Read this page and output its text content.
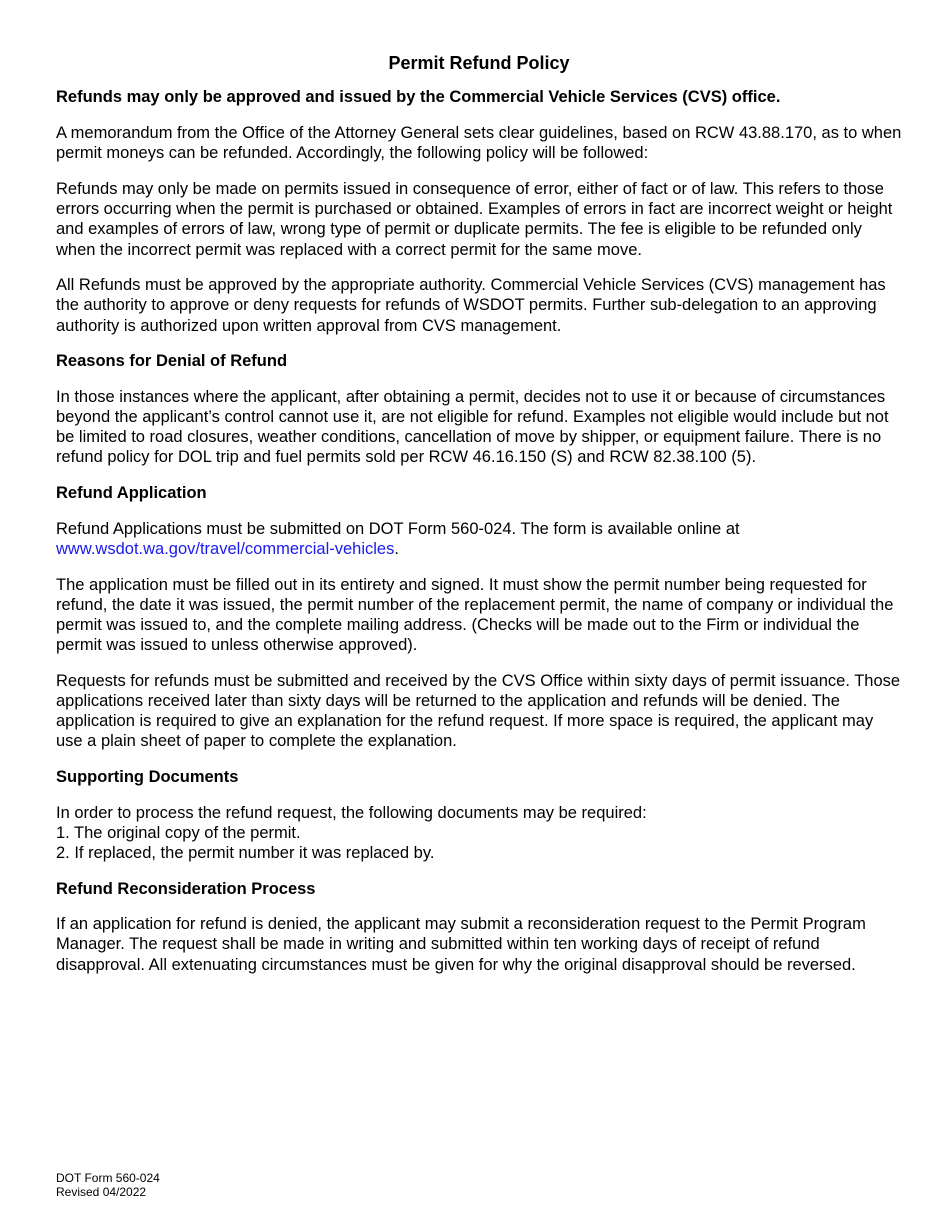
Permit Refund Policy
Refunds may only be approved and issued by the Commercial Vehicle Services (CVS) office.

A memorandum from the Office of the Attorney General sets clear guidelines, based on RCW 43.88.170, as to when permit moneys can be refunded. Accordingly, the following policy will be followed:

Refunds may only be made on permits issued in consequence of error, either of fact or of law. This refers to those errors occurring when the permit is purchased or obtained. Examples of errors in fact are incorrect weight or height and examples of errors of law, wrong type of permit or duplicate permits. The fee is eligible to be refunded only when the incorrect permit was replaced with a correct permit for the same move.

All Refunds must be approved by the appropriate authority. Commercial Vehicle Services (CVS) management has the authority to approve or deny requests for refunds of WSDOT permits. Further sub-delegation to an approving authority is authorized upon written approval from CVS management.

Reasons for Denial of Refund

In those instances where the applicant, after obtaining a permit, decides not to use it or because of circumstances beyond the applicant’s control cannot use it, are not eligible for refund. Examples not eligible would include but not be limited to road closures, weather conditions, cancellation of move by shipper, or equipment failure. There is no refund policy for DOL trip and fuel permits sold per RCW 46.16.150 (S) and RCW 82.38.100 (5).

Refund Application

Refund Applications must be submitted on DOT Form 560-024. The form is available online at www.wsdot.wa.gov/travel/commercial-vehicles.

The application must be filled out in its entirety and signed. It must show the permit number being requested for refund, the date it was issued, the permit number of the replacement permit, the name of company or individual the permit was issued to, and the complete mailing address. (Checks will be made out to the Firm or individual the permit was issued to unless otherwise approved).

Requests for refunds must be submitted and received by the CVS Office within sixty days of permit issuance. Those applications received later than sixty days will be returned to the application and refunds will be denied. The application is required to give an explanation for the refund request. If more space is required, the applicant may use a plain sheet of paper to complete the explanation.

Supporting Documents

In order to process the refund request, the following documents may be required:

1. The original copy of the permit.

2. If replaced, the permit number it was replaced by.

Refund Reconsideration Process

If an application for refund is denied, the applicant may submit a reconsideration request to the Permit Program Manager. The request shall be made in writing and submitted within ten working days of receipt of refund disapproval. All extenuating circumstances must be given for why the original disapproval should be reversed.

DOT Form 560-024
Revised 04/2022
